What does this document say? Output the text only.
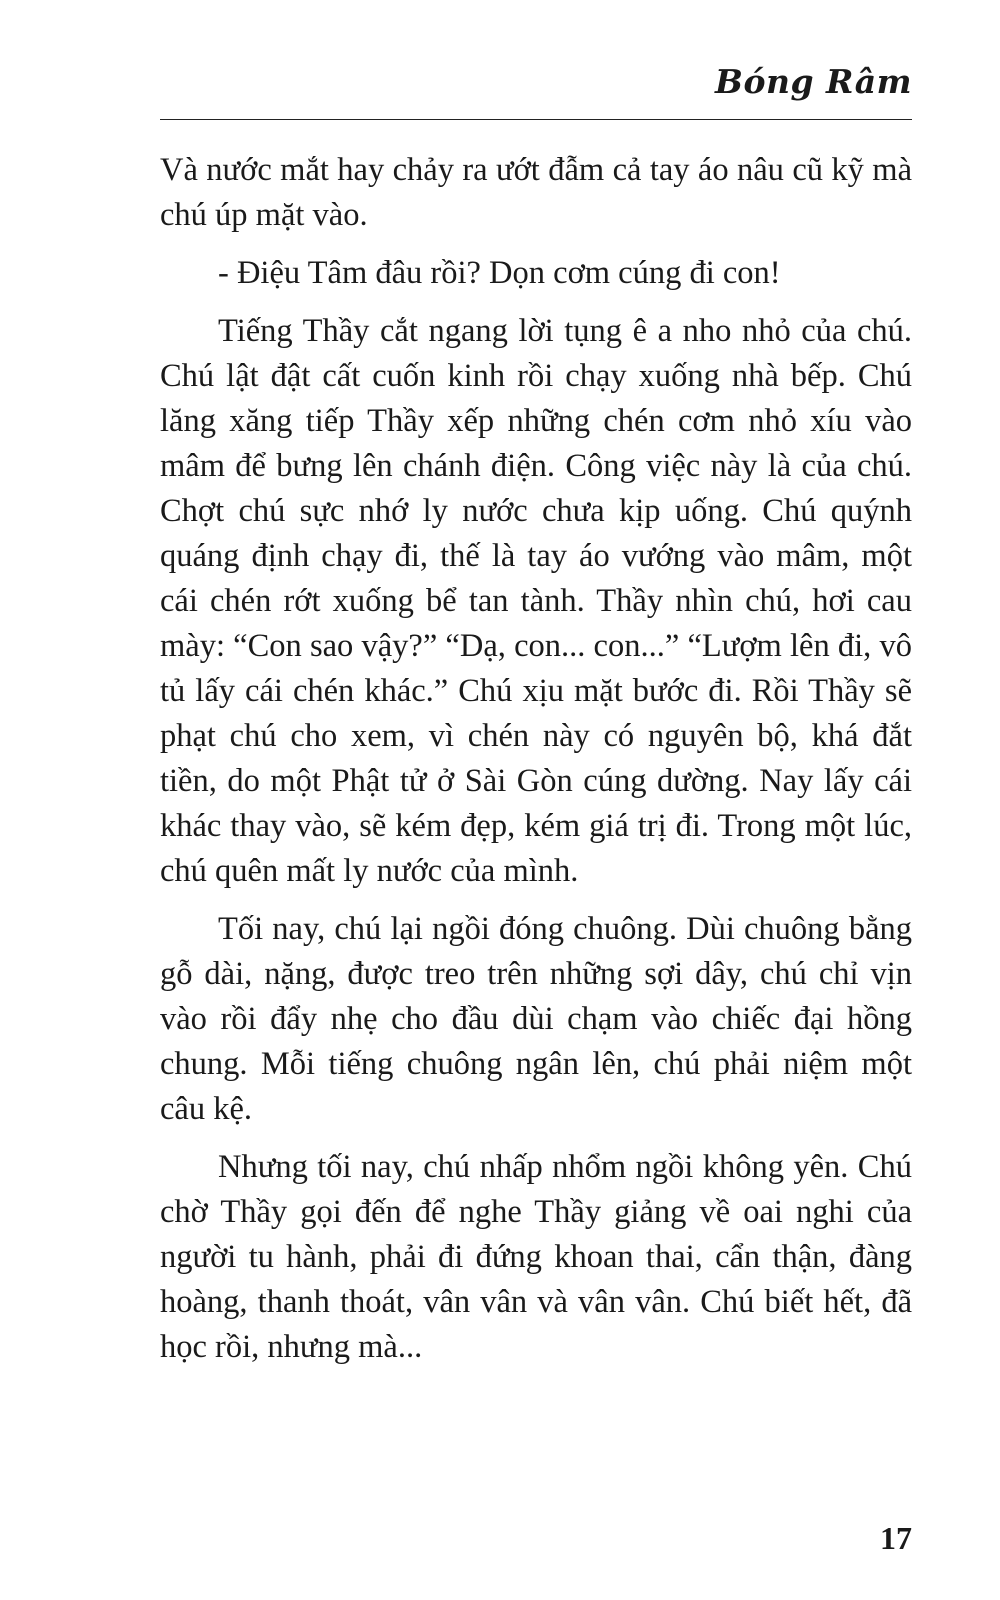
Bóng Râm

Và nước mắt hay chảy ra ướt đẫm cả tay áo nâu cũ kỹ mà chú úp mặt vào.

- Điệu Tâm đâu rồi? Dọn cơm cúng đi con!

Tiếng Thầy cắt ngang lời tụng ê a nho nhỏ của chú. Chú lật đật cất cuốn kinh rồi chạy xuống nhà bếp. Chú lăng xăng tiếp Thầy xếp những chén cơm nhỏ xíu vào mâm để bưng lên chánh điện. Công việc này là của chú. Chợt chú sực nhớ ly nước chưa kịp uống. Chú quýnh quáng định chạy đi, thế là tay áo vướng vào mâm, một cái chén rớt xuống bể tan tành. Thầy nhìn chú, hơi cau mày: “Con sao vậy?” “Dạ, con... con...” “Lượm lên đi, vô tủ lấy cái chén khác.” Chú xịu mặt bước đi. Rồi Thầy sẽ phạt chú cho xem, vì chén này có nguyên bộ, khá đắt tiền, do một Phật tử ở Sài Gòn cúng dường. Nay lấy cái khác thay vào, sẽ kém đẹp, kém giá trị đi. Trong một lúc, chú quên mất ly nước của mình.

Tối nay, chú lại ngồi đóng chuông. Dùi chuông bằng gỗ dài, nặng, được treo trên những sợi dây, chú chỉ vịn vào rồi đẩy nhẹ cho đầu dùi chạm vào chiếc đại hồng chung. Mỗi tiếng chuông ngân lên, chú phải niệm một câu kệ.

Nhưng tối nay, chú nhấp nhổm ngồi không yên. Chú chờ Thầy gọi đến để nghe Thầy giảng về oai nghi của người tu hành, phải đi đứng khoan thai, cẩn thận, đàng hoàng, thanh thoát, vân vân và vân vân. Chú biết hết, đã học rồi, nhưng mà...

17
